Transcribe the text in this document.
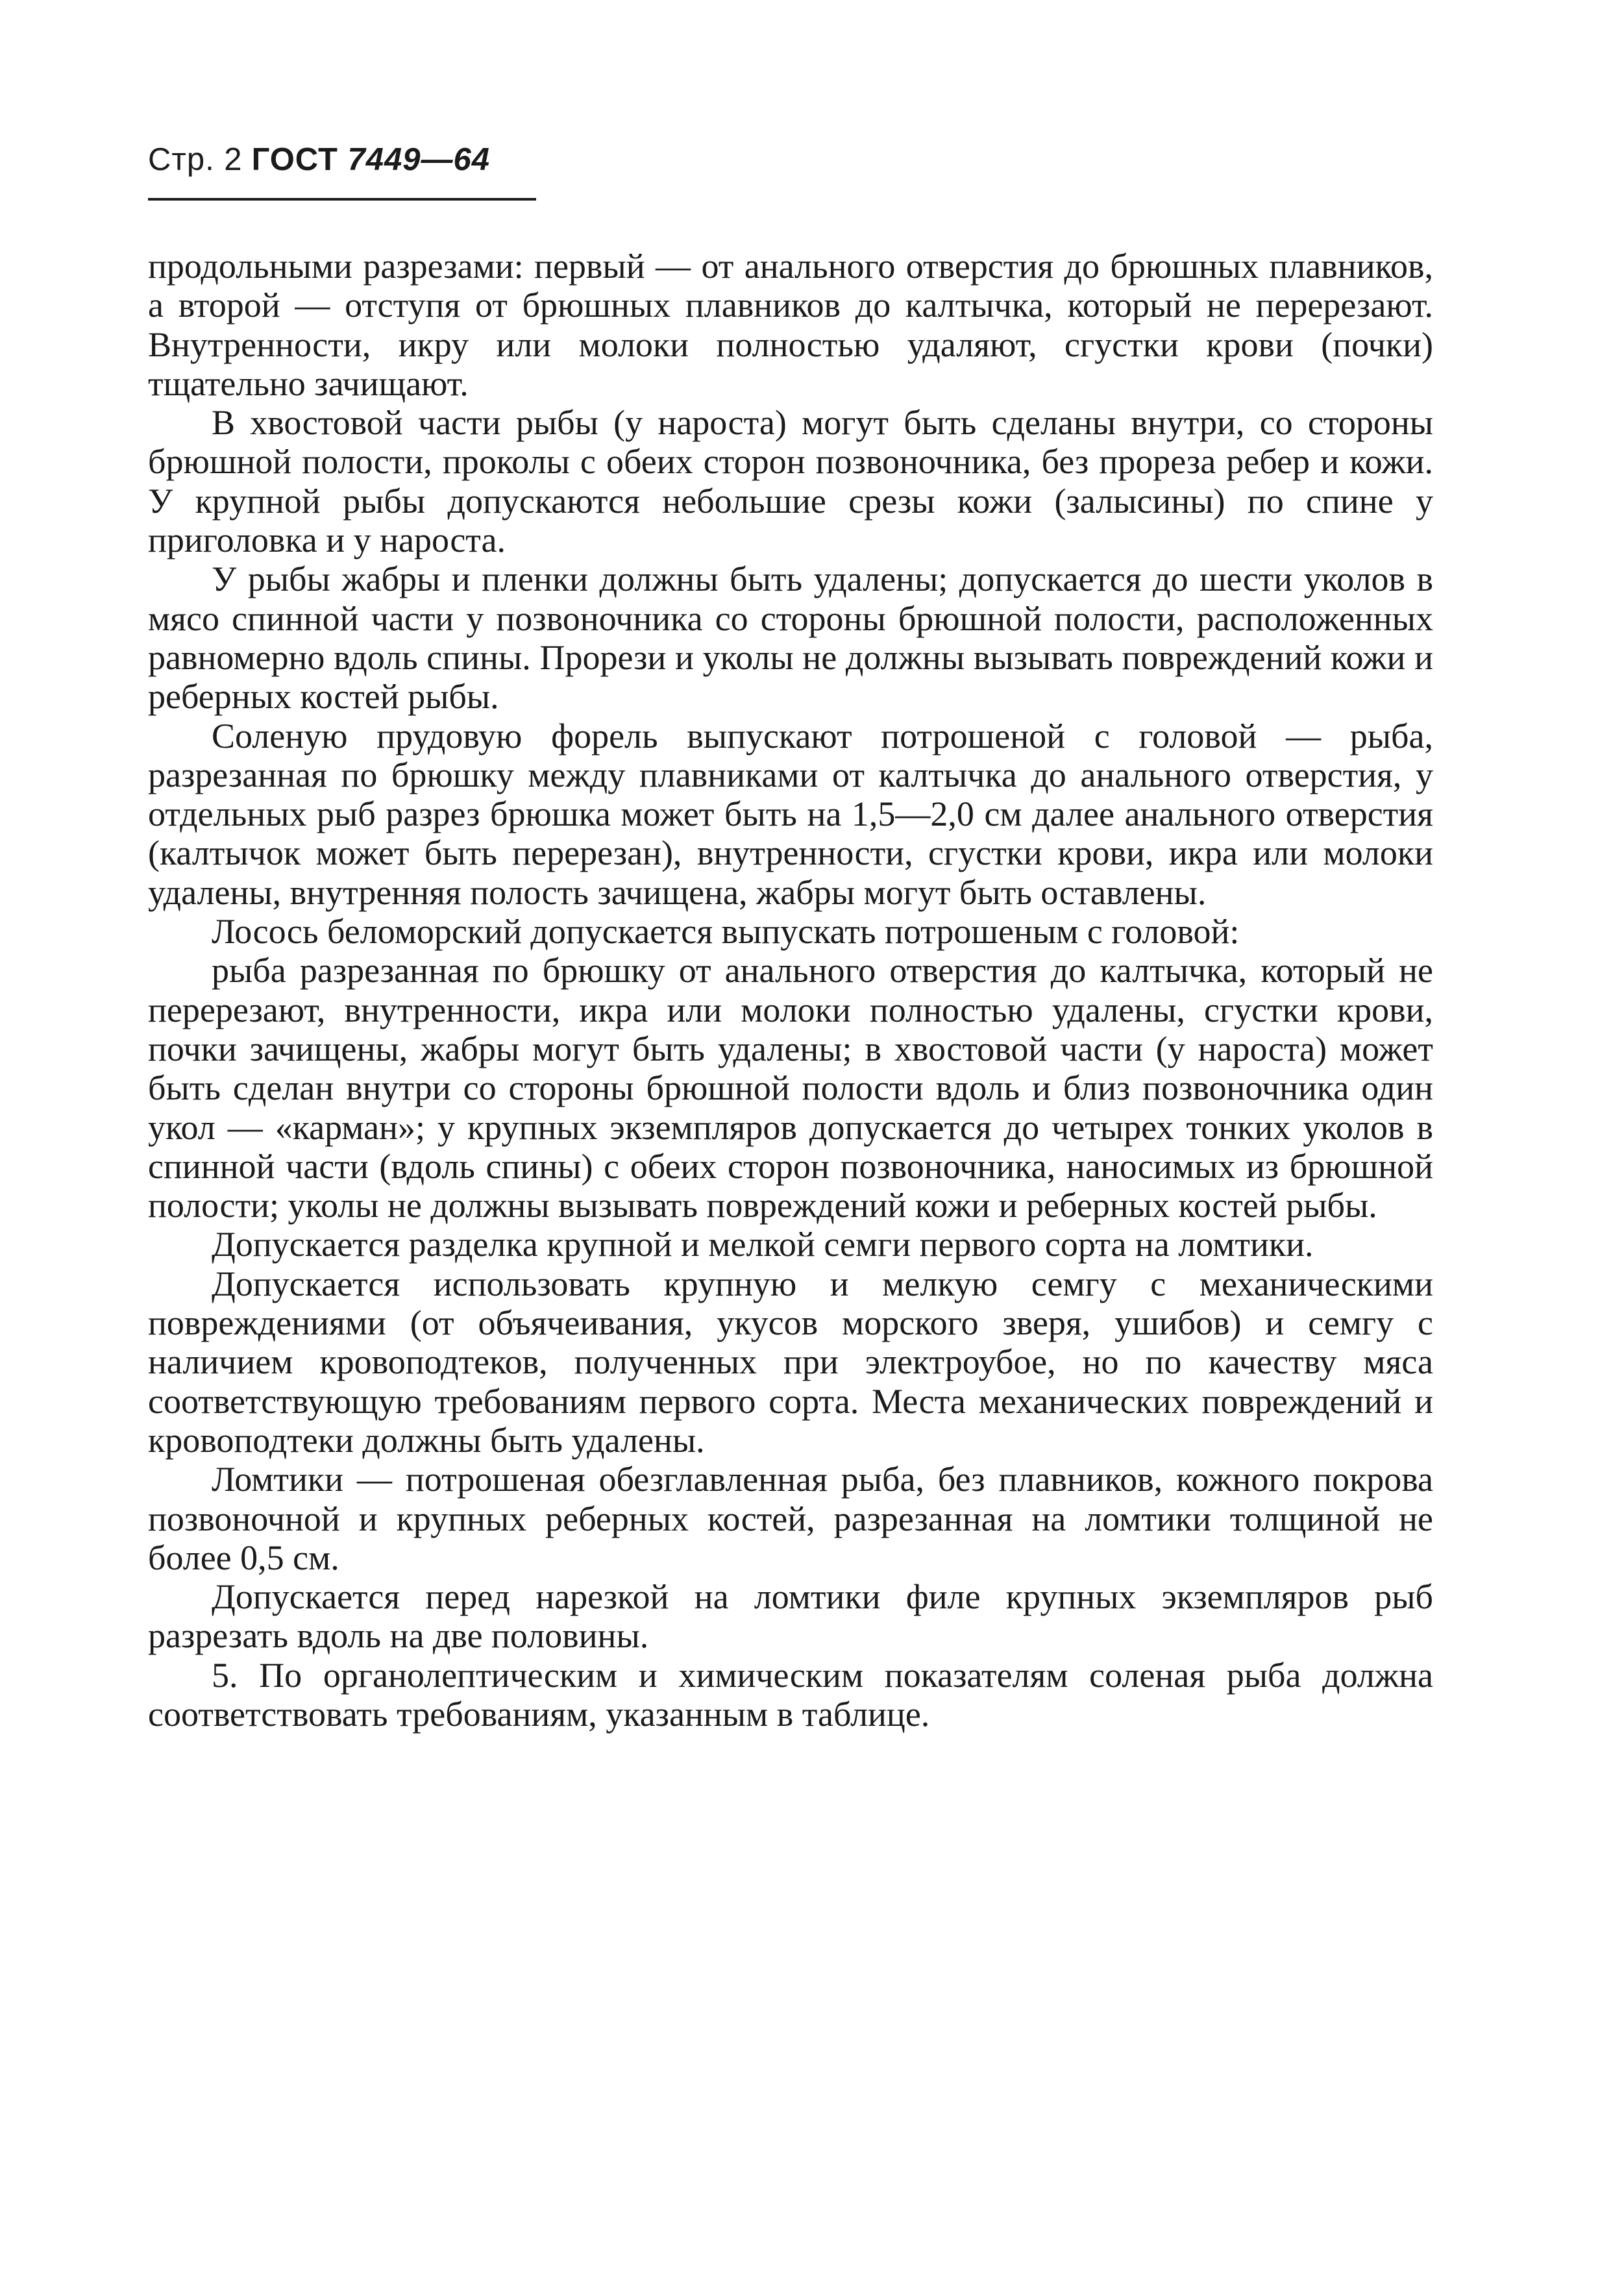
Стр. 2 ГОСТ 7449—64

продольными разрезами: первый — от анального отверстия до брюшных плавников, а второй — отступя от брюшных плавников до калтычка, который не перерезают. Внутренности, икру или молоки полностью удаляют, сгустки крови (почки) тщательно зачищают.

В хвостовой части рыбы (у нароста) могут быть сделаны внутри, со стороны брюшной полости, проколы с обеих сторон позвоночника, без прореза ребер и кожи. У крупной рыбы допускаются небольшие срезы кожи (залысины) по спине у приголовка и у нароста.

У рыбы жабры и пленки должны быть удалены; допускается до шести уколов в мясо спинной части у позвоночника со стороны брюшной полости, расположенных равномерно вдоль спины. Прорези и уколы не должны вызывать повреждений кожи и реберных костей рыбы.

Соленую прудовую форель выпускают потрошеной с головой — рыба, разрезанная по брюшку между плавниками от калтычка до анального отверстия, у отдельных рыб разрез брюшка может быть на 1,5—2,0 см далее анального отверстия (калтычок может быть перерезан), внутренности, сгустки крови, икра или молоки удалены, внутренняя полость зачищена, жабры могут быть оставлены.

Лосось беломорский допускается выпускать потрошеным с головой:

рыба разрезанная по брюшку от анального отверстия до калтычка, который не перерезают, внутренности, икра или молоки полностью удалены, сгустки крови, почки зачищены, жабры могут быть удалены; в хвостовой части (у нароста) может быть сделан внутри со стороны брюшной полости вдоль и близ позвоночника один укол — «карман»; у крупных экземпляров допускается до четырех тонких уколов в спинной части (вдоль спины) с обеих сторон позвоночника, наносимых из брюшной полости; уколы не должны вызывать повреждений кожи и реберных костей рыбы.

Допускается разделка крупной и мелкой семги первого сорта на ломтики.

Допускается использовать крупную и мелкую семгу с механическими повреждениями (от объячеивания, укусов морского зверя, ушибов) и семгу с наличием кровоподтеков, полученных при электроубое, но по качеству мяса соответствующую требованиям первого сорта. Места механических повреждений и кровоподтеки должны быть удалены.

Ломтики — потрошеная обезглавленная рыба, без плавников, кожного покрова позвоночной и крупных реберных костей, разрезанная на ломтики толщиной не более 0,5 см.

Допускается перед нарезкой на ломтики филе крупных экземпляров рыб разрезать вдоль на две половины.

5. По органолептическим и химическим показателям соленая рыба должна соответствовать требованиям, указанным в таблице.
